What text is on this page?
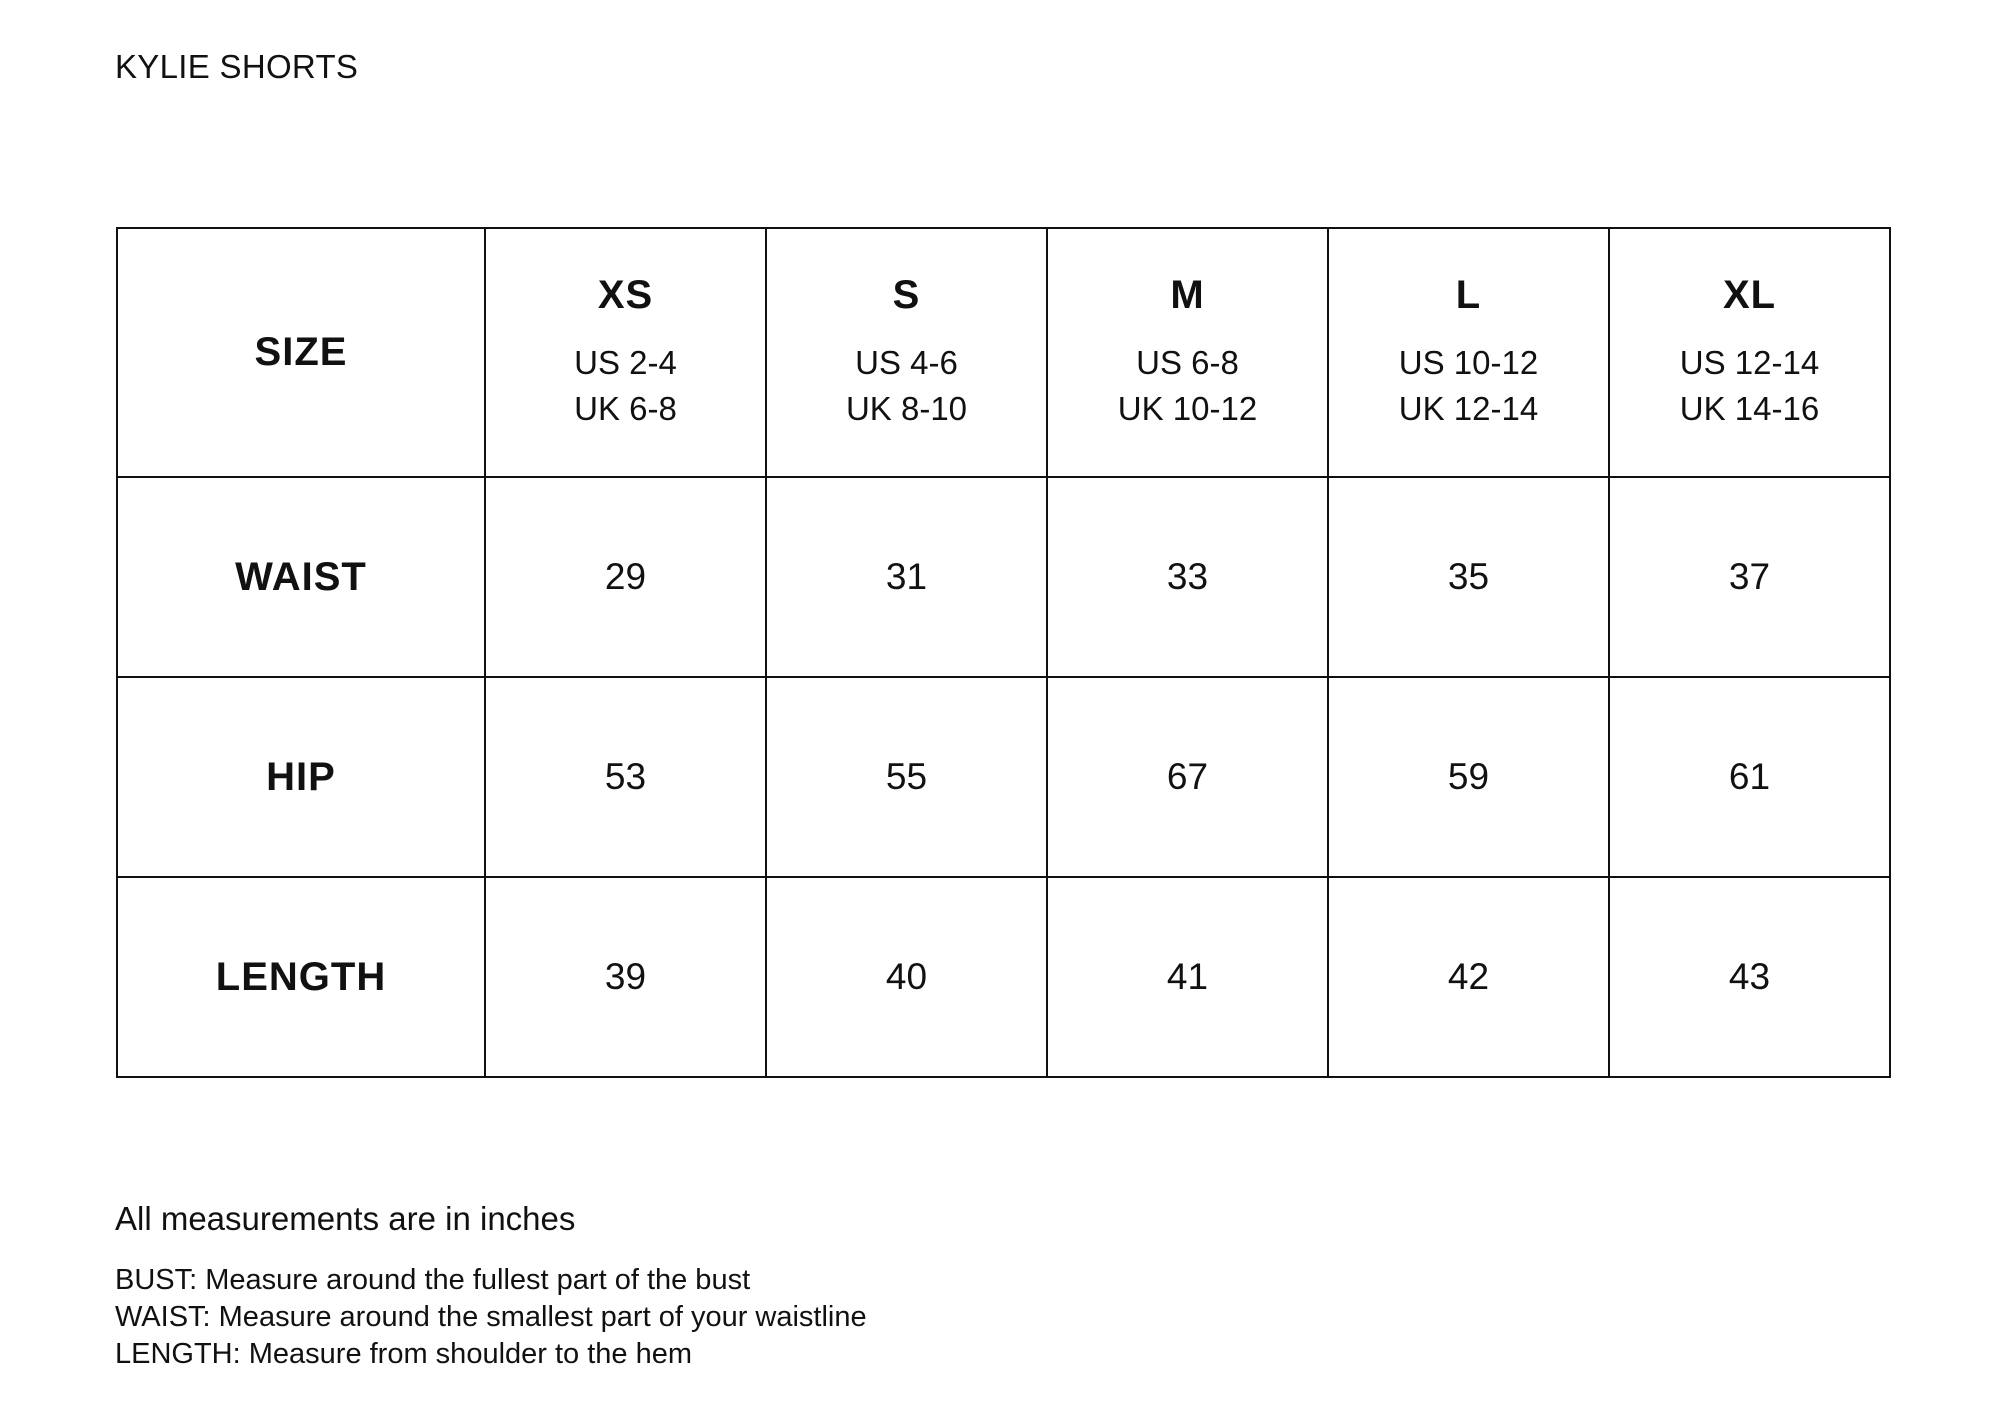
KYLIE SHORTS
SIZE	XS
US 2-4
UK 6-8	S
US 4-6
UK 8-10	M
US 6-8
UK 10-12	L
US 10-12
UK 12-14	XL
US 12-14
UK 14-16

WAIST	29	31	33	35	37
HIP	53	55	67	59	61
LENGTH	39	40	41	42	43
All measurements are in inches
BUST: Measure around the fullest part of the bust
WAIST: Measure around the smallest part of your waistline
LENGTH: Measure from shoulder to the hem
